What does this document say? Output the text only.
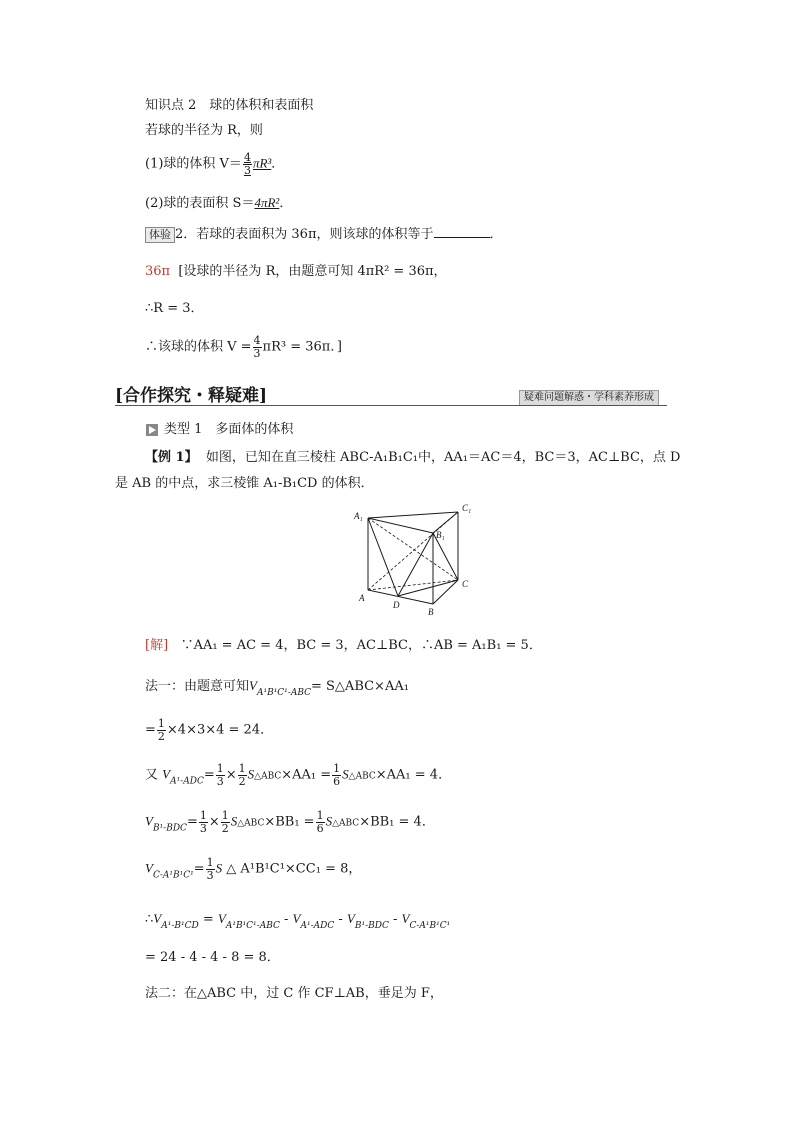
知识点 2　球的体积和表面积
若球的半径为 R，则
(1)球的体积 $V= \frac{4}{3} \pi R^3$．
(2)球的表面积 S＝4πR²．
体验 2．若球的表面积为 36π，则该球的体积等于	．
36π [设球的半径为 R，由题意可知 4πR² = 36π，
∴R = 3．
∴该球的体积 $V = \frac{4}{3} \pi R^3 = 36\pi$．]
[合作探究・释疑难]	疑难问题解惑・学科素养形成
类型 1　多面体的体积
【例 1】 如图，已知在直三棱柱 ABC-A₁B₁C₁中，AA₁＝AC＝4，BC＝3，AC⊥BC，点 D
是 AB 的中点，求三棱锥 A₁-B₁CD 的体积．
A₁
C₁
B₁
C
A
D
B
[解] ∵AA₁ = AC = 4，BC = 3，AC⊥BC，∴AB = A₁B₁ = 5．
法一：由题意可知$V_{A^1B^1C^1-ABC}=$ S△ABC×AA₁
= $\frac{1}{2} \times 4\times 3\times 4 = 24$．
又 $V_{A^1-ADC}= \frac{1}{3} \times \frac{1}{2}$ S△ABC×AA₁ = $\frac{1}{6}$ S△ABC×AA₁ = 4．
$V_{B^1-BDC}= \frac{1}{3} \times \frac{1}{2}$ S△ABC×BB₁ = $\frac{1}{6}$ S△ABC×BB₁ = 4．
$V_{C-A^1B^1C^1}= \frac{1}{3}$ S △ A¹B¹C¹×CC₁ = 8，
$\therefore V_{A^1-B^1CD} = V_{A^1B^1C^1-ABC} - V_{A^1-ADC} - V_{B^1-BDC} - V_{C-A^1B^1C^1}$
= 24 - 4 - 4 - 8 = 8．
法二：在△ABC 中，过 C 作 CF⊥AB，垂足为 F，
